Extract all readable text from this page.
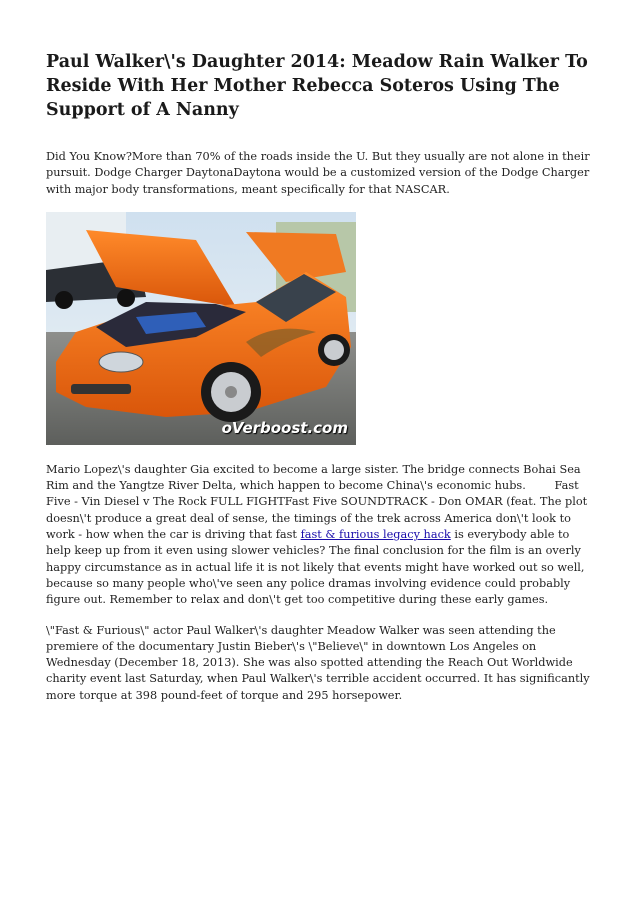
Paul Walker\'s Daughter 2014: Meadow Rain Walker To Reside With Her Mother Rebecca Soteros Using The Support of A Nanny

Did You Know?More than 70% of the roads inside the U. But they usually are not alone in their pursuit. Dodge Charger DaytonaDaytona would be a customized version of the Dodge Charger with major body transformations, meant specifically for that NASCAR.

oVerboost.com

Mario Lopez\'s daughter Gia excited to become a large sister. The bridge connects Bohai Sea Rim and the Yangtze River Delta, which happen to become China\'s economic hubs.        Fast Five - Vin Diesel v The Rock FULL FIGHTFast Five SOUNDTRACK - Don OMAR (feat. The plot doesn\'t produce a great deal of sense, the timings of the trek across America don\'t look to work - how when the car is driving that fast fast & furious legacy hack is everybody able to help keep up from it even using slower vehicles? The final conclusion for the film is an overly happy circumstance as in actual life it is not likely that events might have worked out so well, because so many people who\'ve seen any police dramas involving evidence could probably figure out. Remember to relax and don\'t get too competitive during these early games.

\"Fast & Furious\" actor Paul Walker\'s daughter Meadow Walker was seen attending the premiere of the documentary Justin Bieber\'s \"Believe\" in downtown Los Angeles on Wednesday (December 18, 2013). She was also spotted attending the Reach Out Worldwide charity event last Saturday, when Paul Walker\'s terrible accident occurred. It has significantly more torque at 398 pound-feet of torque and 295 horsepower.
